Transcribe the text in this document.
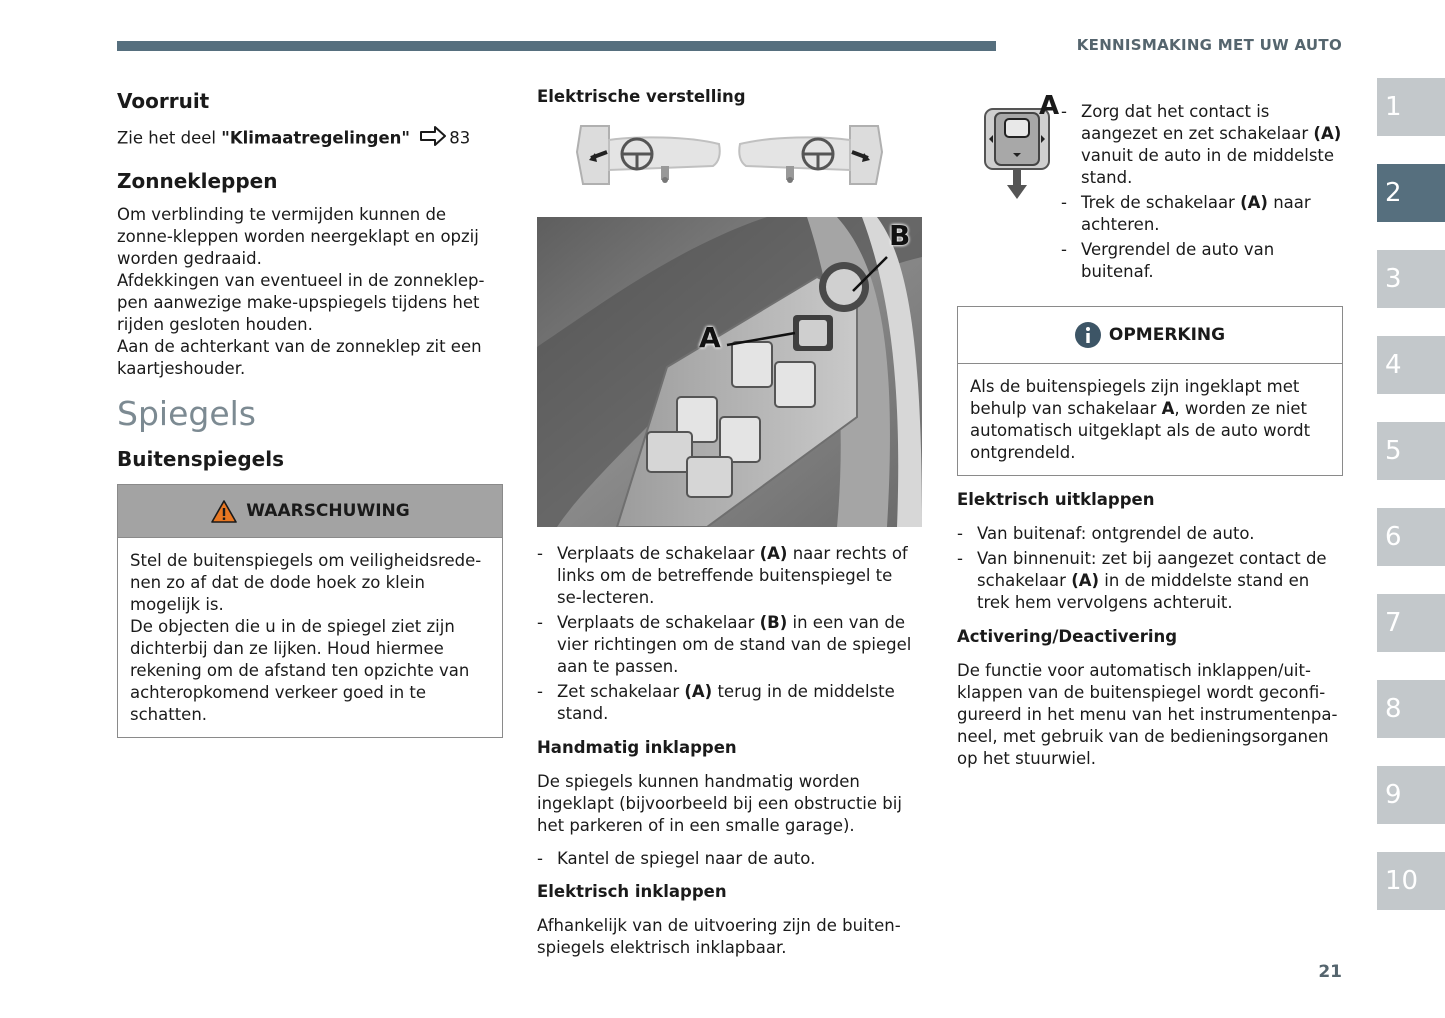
KENNISMAKING MET UW AUTO
Voorruit

Zie het deel "Klimaatregelingen" 83

Zonnekleppen

Om verblinding te vermijden kunnen de zonne-kleppen worden neergeklapt en opzij worden gedraaid.
Afdekkingen van eventueel in de zonneklep-pen aanwezige make-upspiegels tijdens het rijden gesloten houden.
Aan de achterkant van de zonneklep zit een kaartjeshouder.

Spiegels
Buitenspiegels
WAARSCHUWING
Stel de buitenspiegels om veiligheidsrede-nen zo af dat de dode hoek zo klein mogelijk is.
De objecten die u in de spiegel ziet zijn dichterbij dan ze lijken. Houd hiermee rekening om de afstand ten opzichte van achteropkomend verkeer goed in te schatten.
Elektrische verstelling
A
B
- Verplaats de schakelaar (A) naar rechts of links om de betreffende buitenspiegel te se-lecteren.
- Verplaats de schakelaar (B) in een van de vier richtingen om de stand van de spiegel aan te passen.
- Zet schakelaar (A) terug in de middelste stand.
Handmatig inklappen

De spiegels kunnen handmatig worden ingeklapt (bijvoorbeeld bij een obstructie bij het parkeren of in een smalle garage).

- Kantel de spiegel naar de auto.
Elektrisch inklappen

Afhankelijk van de uitvoering zijn de buiten-spiegels elektrisch inklapbaar.

A
-	Zorg dat het contact is aangezet en zet schakelaar (A) vanuit de auto in de middelste stand.
- Trek de schakelaar (A) naar achteren.
- Vergrendel de auto van buitenaf.
OPMERKING
Als de buitenspiegels zijn ingeklapt met behulp van schakelaar A, worden ze niet automatisch uitgeklapt als de auto wordt ontgrendeld.
Elektrisch uitklappen
- Van buitenaf: ontgrendel de auto.
- Van binnenuit: zet bij aangezet contact de schakelaar (A) in de middelste stand en trek hem vervolgens achteruit.
Activering/Deactivering

De functie voor automatisch inklappen/uit-klappen van de buitenspiegel wordt geconfi-gureerd in het menu van het instrumentenpa-neel, met gebruik van de bedieningsorganen op het stuurwiel.

1
2
3
4
5
6
7
8
9
10
21
